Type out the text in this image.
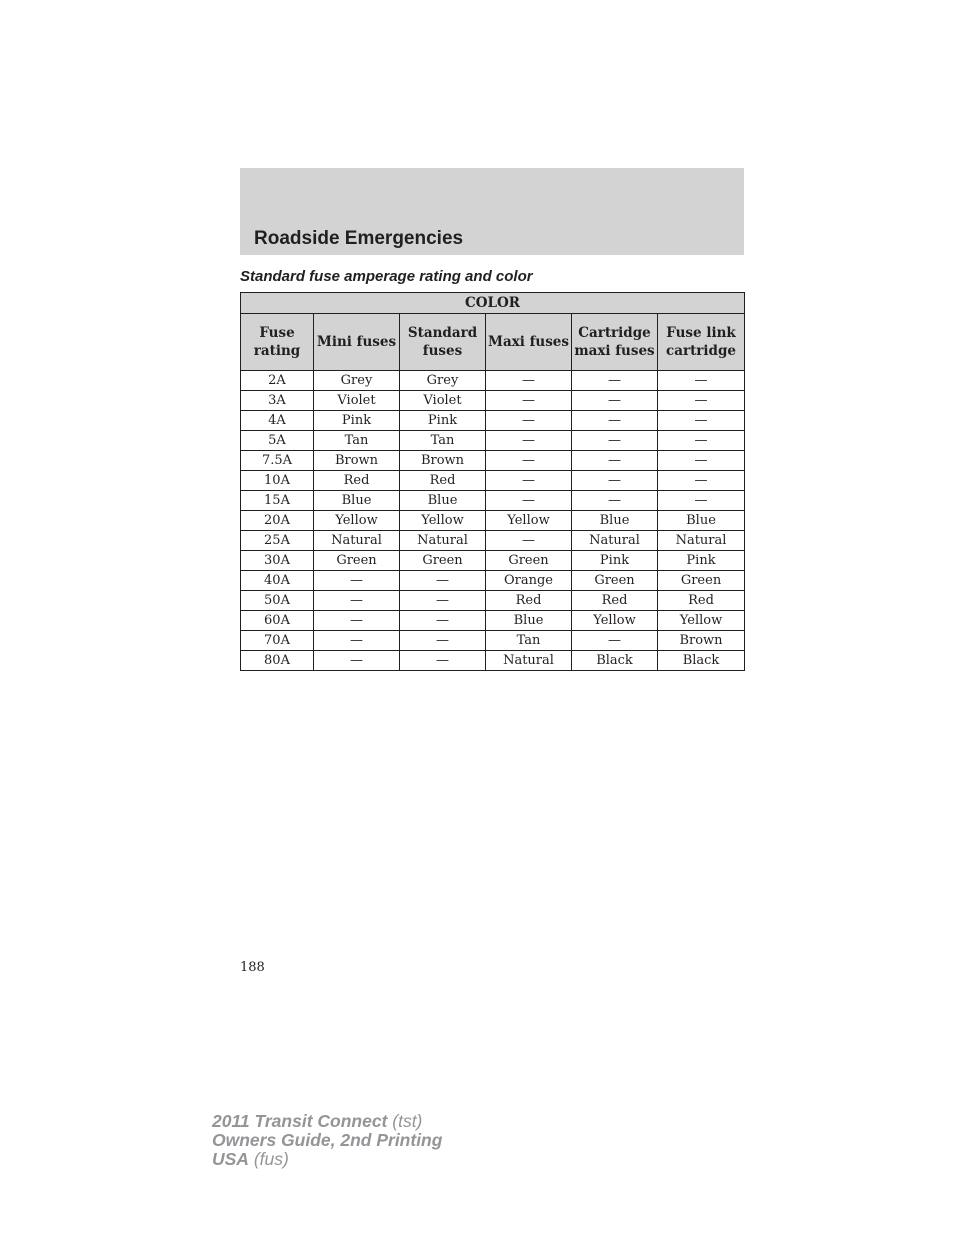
Roadside Emergencies
Standard fuse amperage rating and color
COLOR					
Fuse rating	Mini fuses	Standard fuses	Maxi fuses	Cartridge maxi fuses	Fuse link cartridge
2A	Grey	Grey	—	—	—
3A	Violet	Violet	—	—	—
4A	Pink	Pink	—	—	—
5A	Tan	Tan	—	—	—
7.5A	Brown	Brown	—	—	—
10A	Red	Red	—	—	—
15A	Blue	Blue	—	—	—
20A	Yellow	Yellow	Yellow	Blue	Blue
25A	Natural	Natural	—	Natural	Natural
30A	Green	Green	Green	Pink	Pink
40A	—	—	Orange	Green	Green
50A	—	—	Red	Red	Red
60A	—	—	Blue	Yellow	Yellow
70A	—	—	Tan	—	Brown
80A	—	—	Natural	Black	Black

188

2011 Transit Connect (tst)
Owners Guide, 2nd Printing
USA (fus)
